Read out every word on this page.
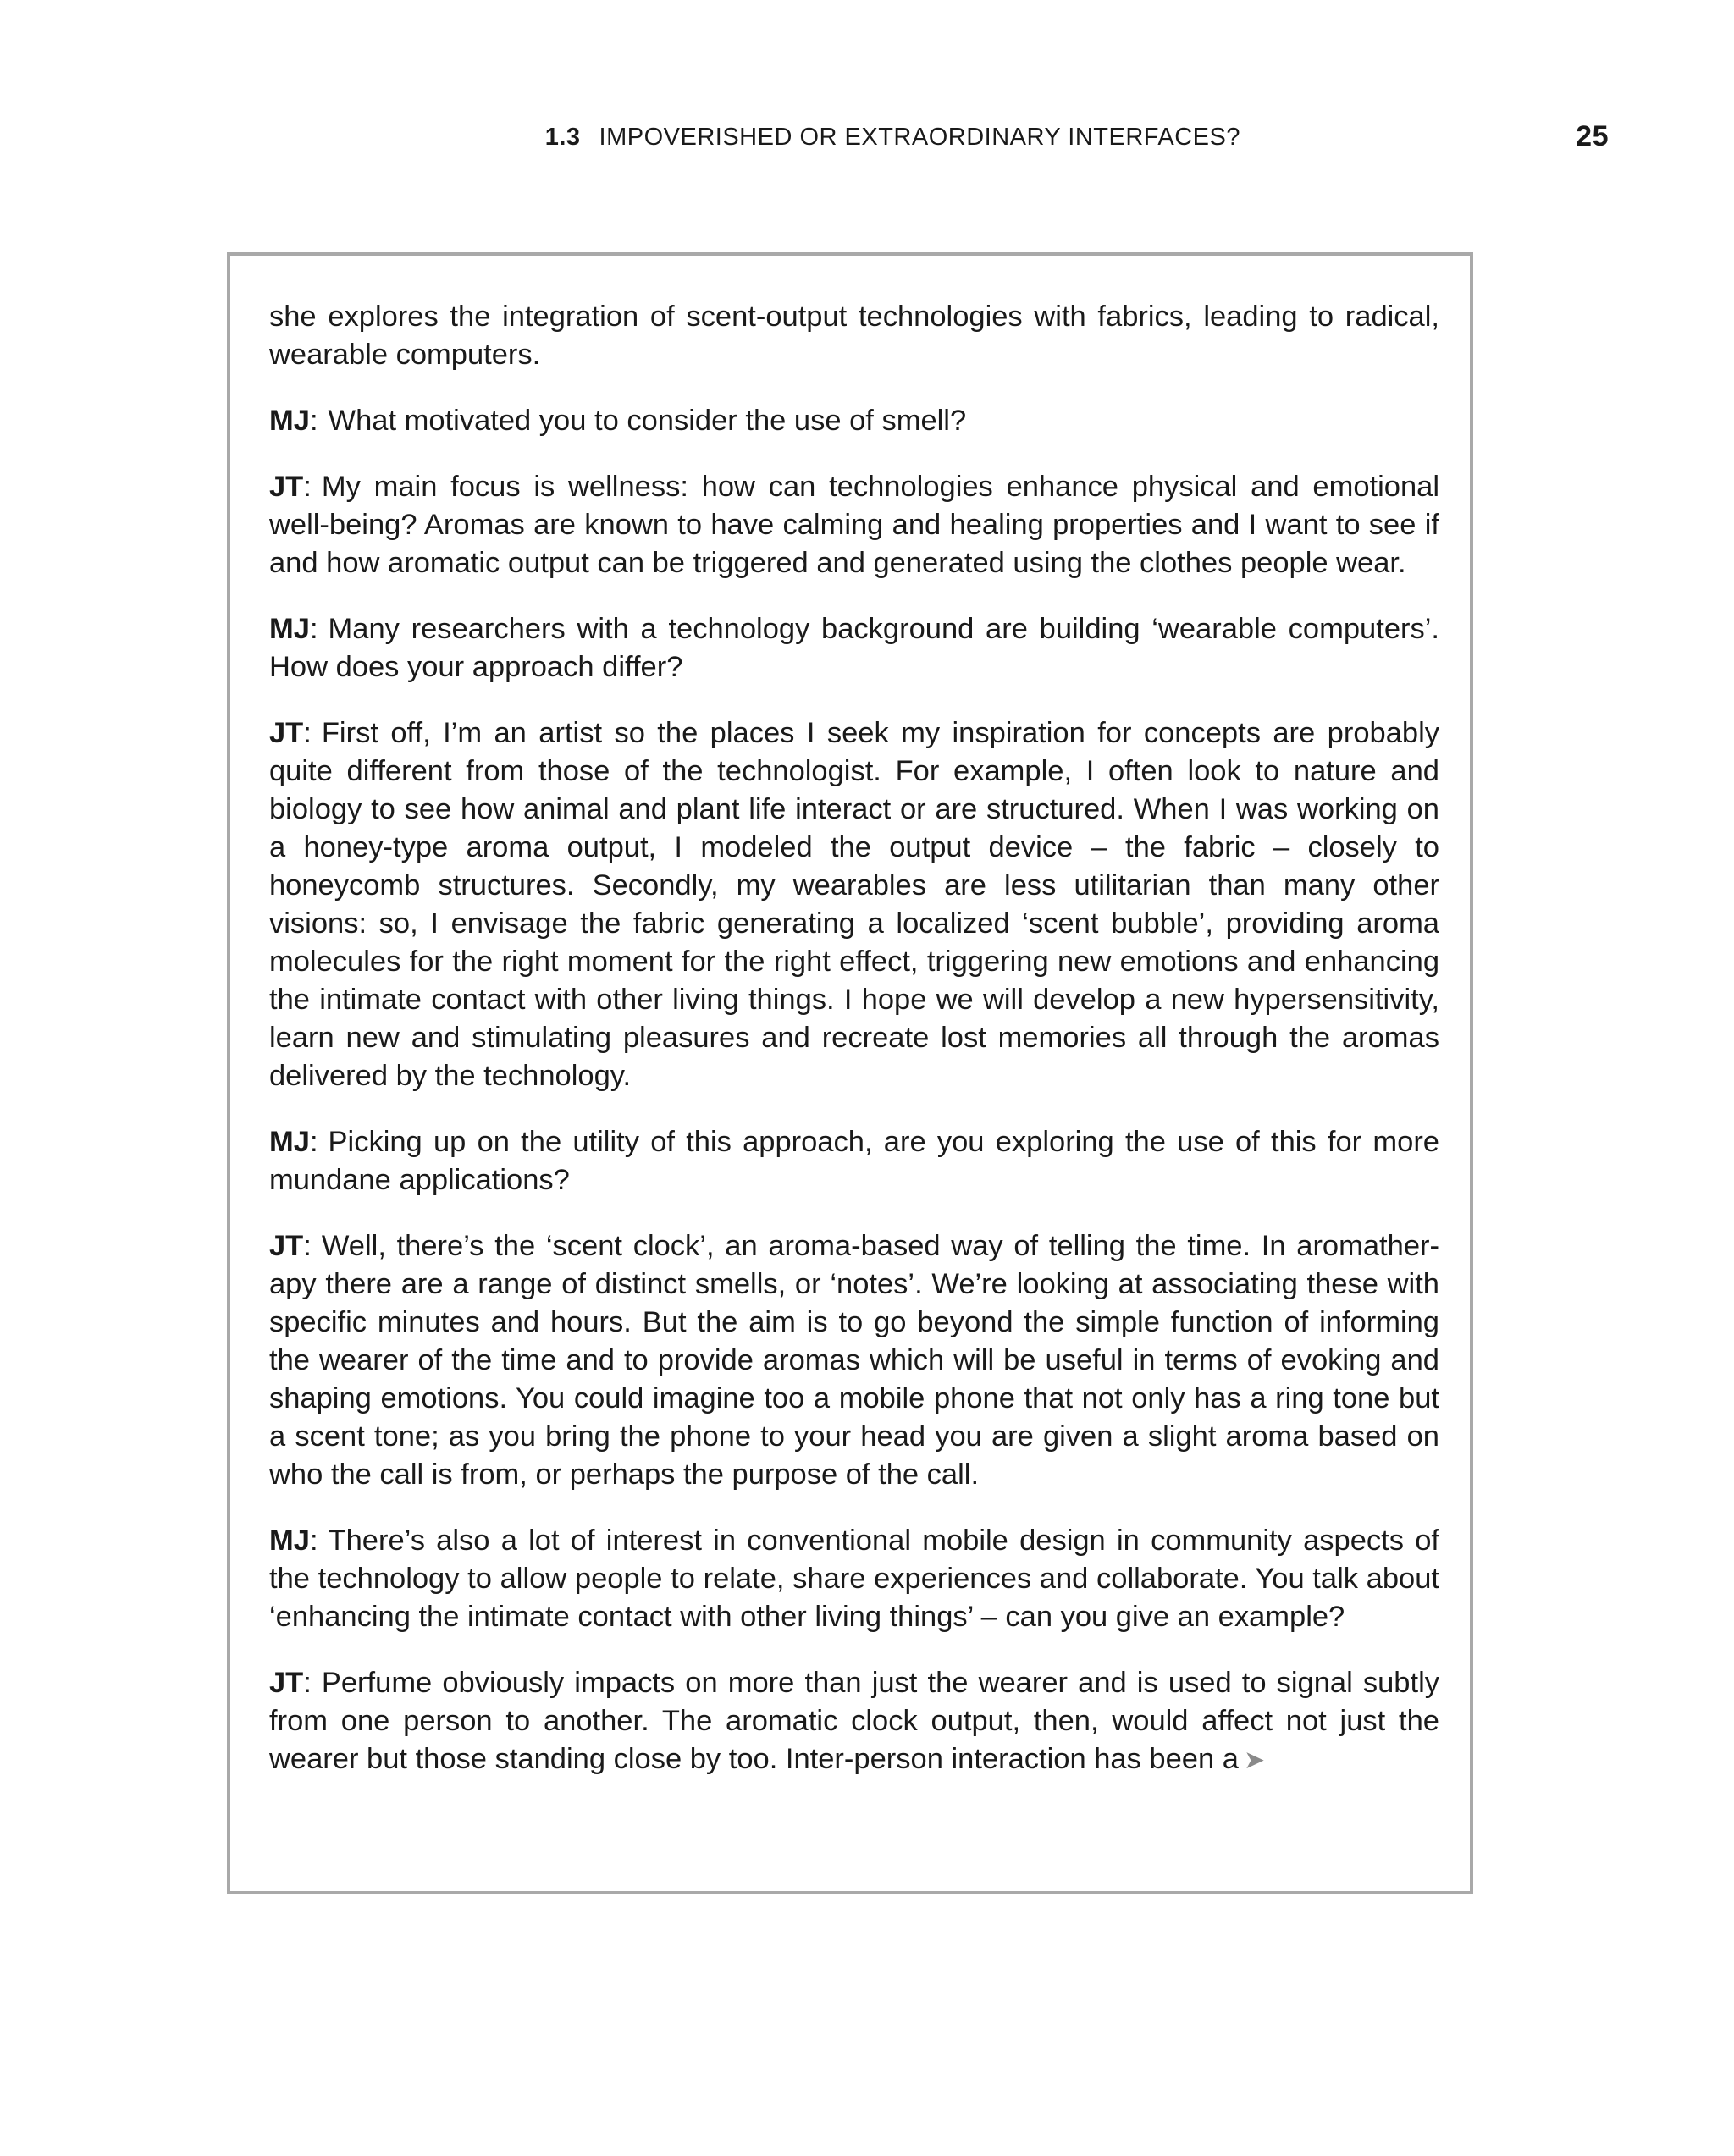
1.3 IMPOVERISHED OR EXTRAORDINARY INTERFACES?	25

she explores the integration of scent-output technologies with fabrics, leading to radical, wearable computers.

MJ: What motivated you to consider the use of smell?

JT: My main focus is wellness: how can technologies enhance physical and emotional well-being? Aromas are known to have calming and healing properties and I want to see if and how aromatic output can be triggered and generated using the clothes people wear.

MJ: Many researchers with a technology background are building ‘wearable computers’. How does your approach differ?

JT: First off, I’m an artist so the places I seek my inspiration for concepts are probably quite different from those of the technologist. For example, I often look to nature and biology to see how animal and plant life interact or are structured. When I was working on a honey-type aroma output, I modeled the output device – the fabric – closely to honeycomb structures. Secondly, my wearables are less utilitarian than many other visions: so, I envisage the fabric generating a localized ‘scent bubble’, providing aroma molecules for the right moment for the right effect, triggering new emotions and enhancing the intimate contact with other living things. I hope we will develop a new hypersensitivity, learn new and stimulating pleasures and recreate lost memories all through the aromas delivered by the technology.

MJ: Picking up on the utility of this approach, are you exploring the use of this for more mundane applications?

JT: Well, there’s the ‘scent clock’, an aroma-based way of telling the time. In aromatherapy there are a range of distinct smells, or ‘notes’. We’re looking at associating these with specific minutes and hours. But the aim is to go beyond the simple function of informing the wearer of the time and to provide aromas which will be useful in terms of evoking and shaping emotions. You could imagine too a mobile phone that not only has a ring tone but a scent tone; as you bring the phone to your head you are given a slight aroma based on who the call is from, or perhaps the purpose of the call.

MJ: There’s also a lot of interest in conventional mobile design in community aspects of the technology to allow people to relate, share experiences and collaborate. You talk about ‘enhancing the intimate contact with other living things’ – can you give an example?

JT: Perfume obviously impacts on more than just the wearer and is used to signal subtly from one person to another. The aromatic clock output, then, would affect not just the wearer but those standing close by too. Inter-person interaction has been a ➤
